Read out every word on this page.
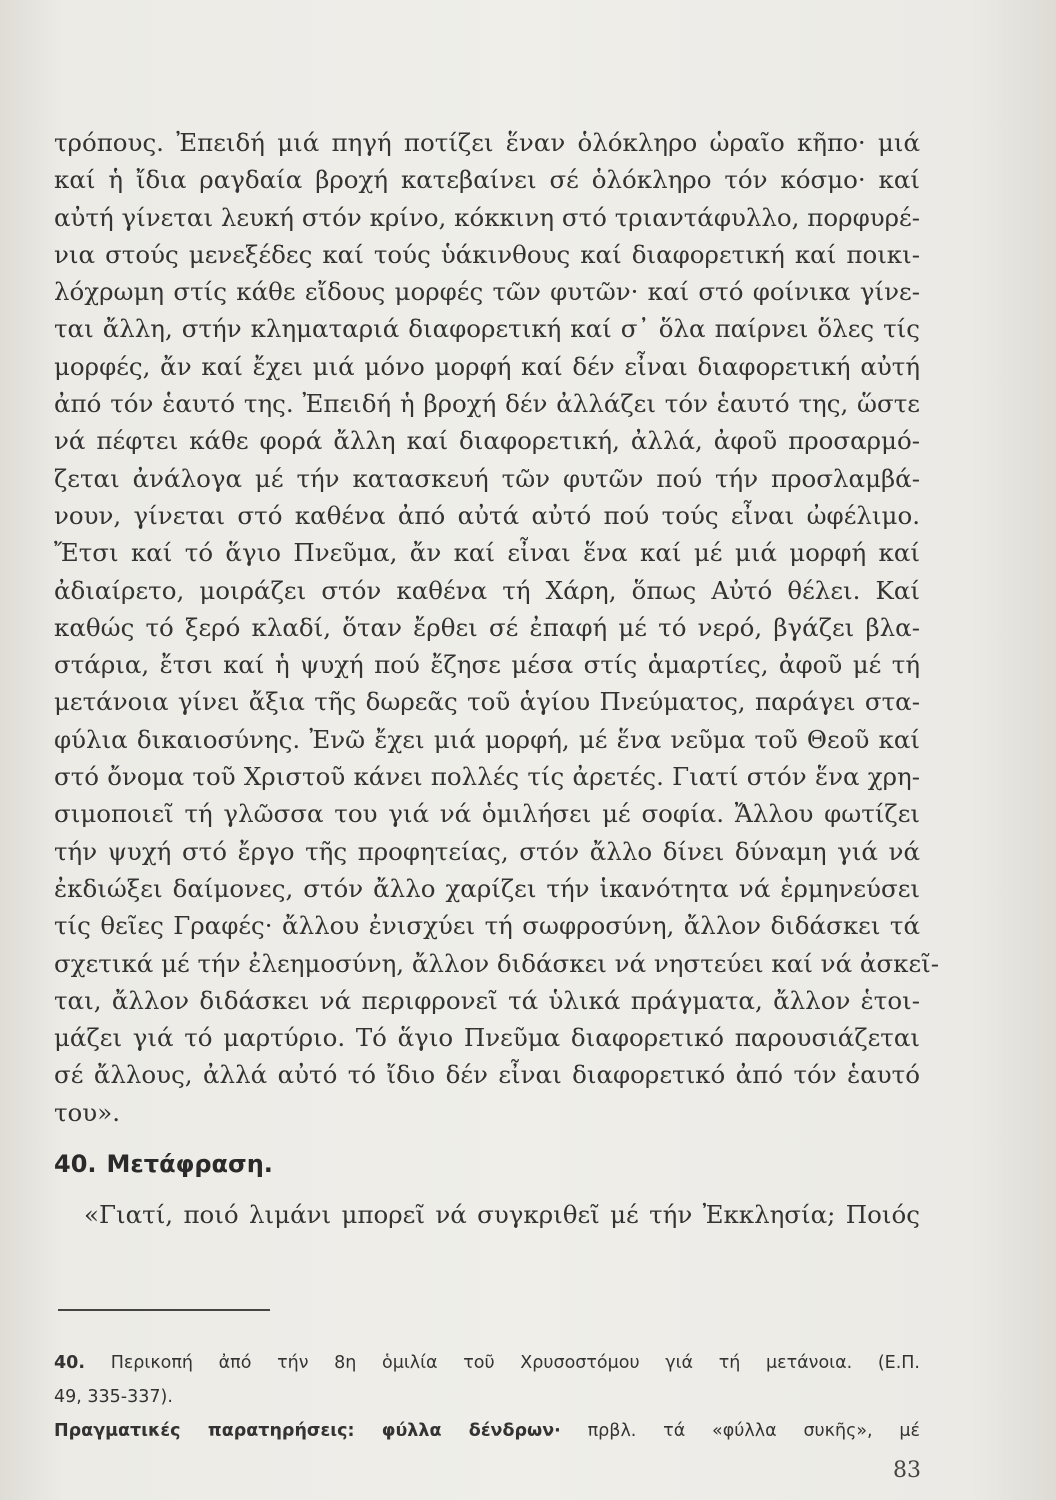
τρόπους. Ἐπειδή μιά πηγή ποτίζει ἕναν ὁλόκληρο ὡραῖο κῆπο· μιά
καί ἡ ἴδια ραγδαία βροχή κατεβαίνει σέ ὁλόκληρο τόν κόσμο· καί
αὐτή γίνεται λευκή στόν κρίνο, κόκκινη στό τριαντάφυλλο, πορφυρέ-
νια στούς μενεξέδες καί τούς ὑάκινθους καί διαφορετική καί ποικι-
λόχρωμη στίς κάθε εἴδους μορφές τῶν φυτῶν· καί στό φοίνικα γίνε-
ται ἄλλη, στήν κληματαριά διαφορετική καί σ᾽ ὅλα παίρνει ὅλες τίς
μορφές, ἄν καί ἔχει μιά μόνο μορφή καί δέν εἶναι διαφορετική αὐτή
ἀπό τόν ἑαυτό της. Ἐπειδή ἡ βροχή δέν ἀλλάζει τόν ἑαυτό της, ὥστε
νά πέφτει κάθε φορά ἄλλη καί διαφορετική, ἀλλά, ἀφοῦ προσαρμό-
ζεται ἀνάλογα μέ τήν κατασκευή τῶν φυτῶν πού τήν προσλαμβά-
νουν, γίνεται στό καθένα ἀπό αὐτά αὐτό πού τούς εἶναι ὠφέλιμο.
Ἔτσι καί τό ἅγιο Πνεῦμα, ἄν καί εἶναι ἕνα καί μέ μιά μορφή καί
ἀδιαίρετο, μοιράζει στόν καθένα τή Χάρη, ὅπως Αὐτό θέλει. Καί
καθώς τό ξερό κλαδί, ὅταν ἔρθει σέ ἐπαφή μέ τό νερό, βγάζει βλα-
στάρια, ἔτσι καί ἡ ψυχή πού ἔζησε μέσα στίς ἁμαρτίες, ἀφοῦ μέ τή
μετάνοια γίνει ἄξια τῆς δωρεᾶς τοῦ ἁγίου Πνεύματος, παράγει στα-
φύλια δικαιοσύνης. Ἐνῶ ἔχει μιά μορφή, μέ ἕνα νεῦμα τοῦ Θεοῦ καί
στό ὄνομα τοῦ Χριστοῦ κάνει πολλές τίς ἀρετές. Γιατί στόν ἕνα χρη-
σιμοποιεῖ τή γλῶσσα του γιά νά ὁμιλήσει μέ σοφία. Ἄλλου φωτίζει
τήν ψυχή στό ἔργο τῆς προφητείας, στόν ἄλλο δίνει δύναμη γιά νά
ἐκδιώξει δαίμονες, στόν ἄλλο χαρίζει τήν ἱκανότητα νά ἑρμηνεύσει
τίς θεῖες Γραφές· ἄλλου ἐνισχύει τή σωφροσύνη, ἄλλον διδάσκει τά
σχετικά μέ τήν ἐλεημοσύνη, ἄλλον διδάσκει νά νηστεύει καί νά ἀσκεῖ-
ται, ἄλλον διδάσκει νά περιφρονεῖ τά ὑλικά πράγματα, ἄλλον ἑτοι-
μάζει γιά τό μαρτύριο. Τό ἅγιο Πνεῦμα διαφορετικό παρουσιάζεται
σέ ἄλλους, ἀλλά αὐτό τό ἴδιο δέν εἶναι διαφορετικό ἀπό τόν ἑαυτό
του».
40. Μετάφραση.
«Γιατί, ποιό λιμάνι μπορεῖ νά συγκριθεῖ μέ τήν Ἐκκλησία; Ποιός
40. Περικοπή ἀπό τήν 8η ὁμιλία τοῦ Χρυσοστόμου γιά τή μετάνοια. (Ε.Π.
49, 335-337).
Πραγματικές παρατηρήσεις: φύλλα δένδρων· πρβλ. τά «φύλλα συκῆς», μέ
83
